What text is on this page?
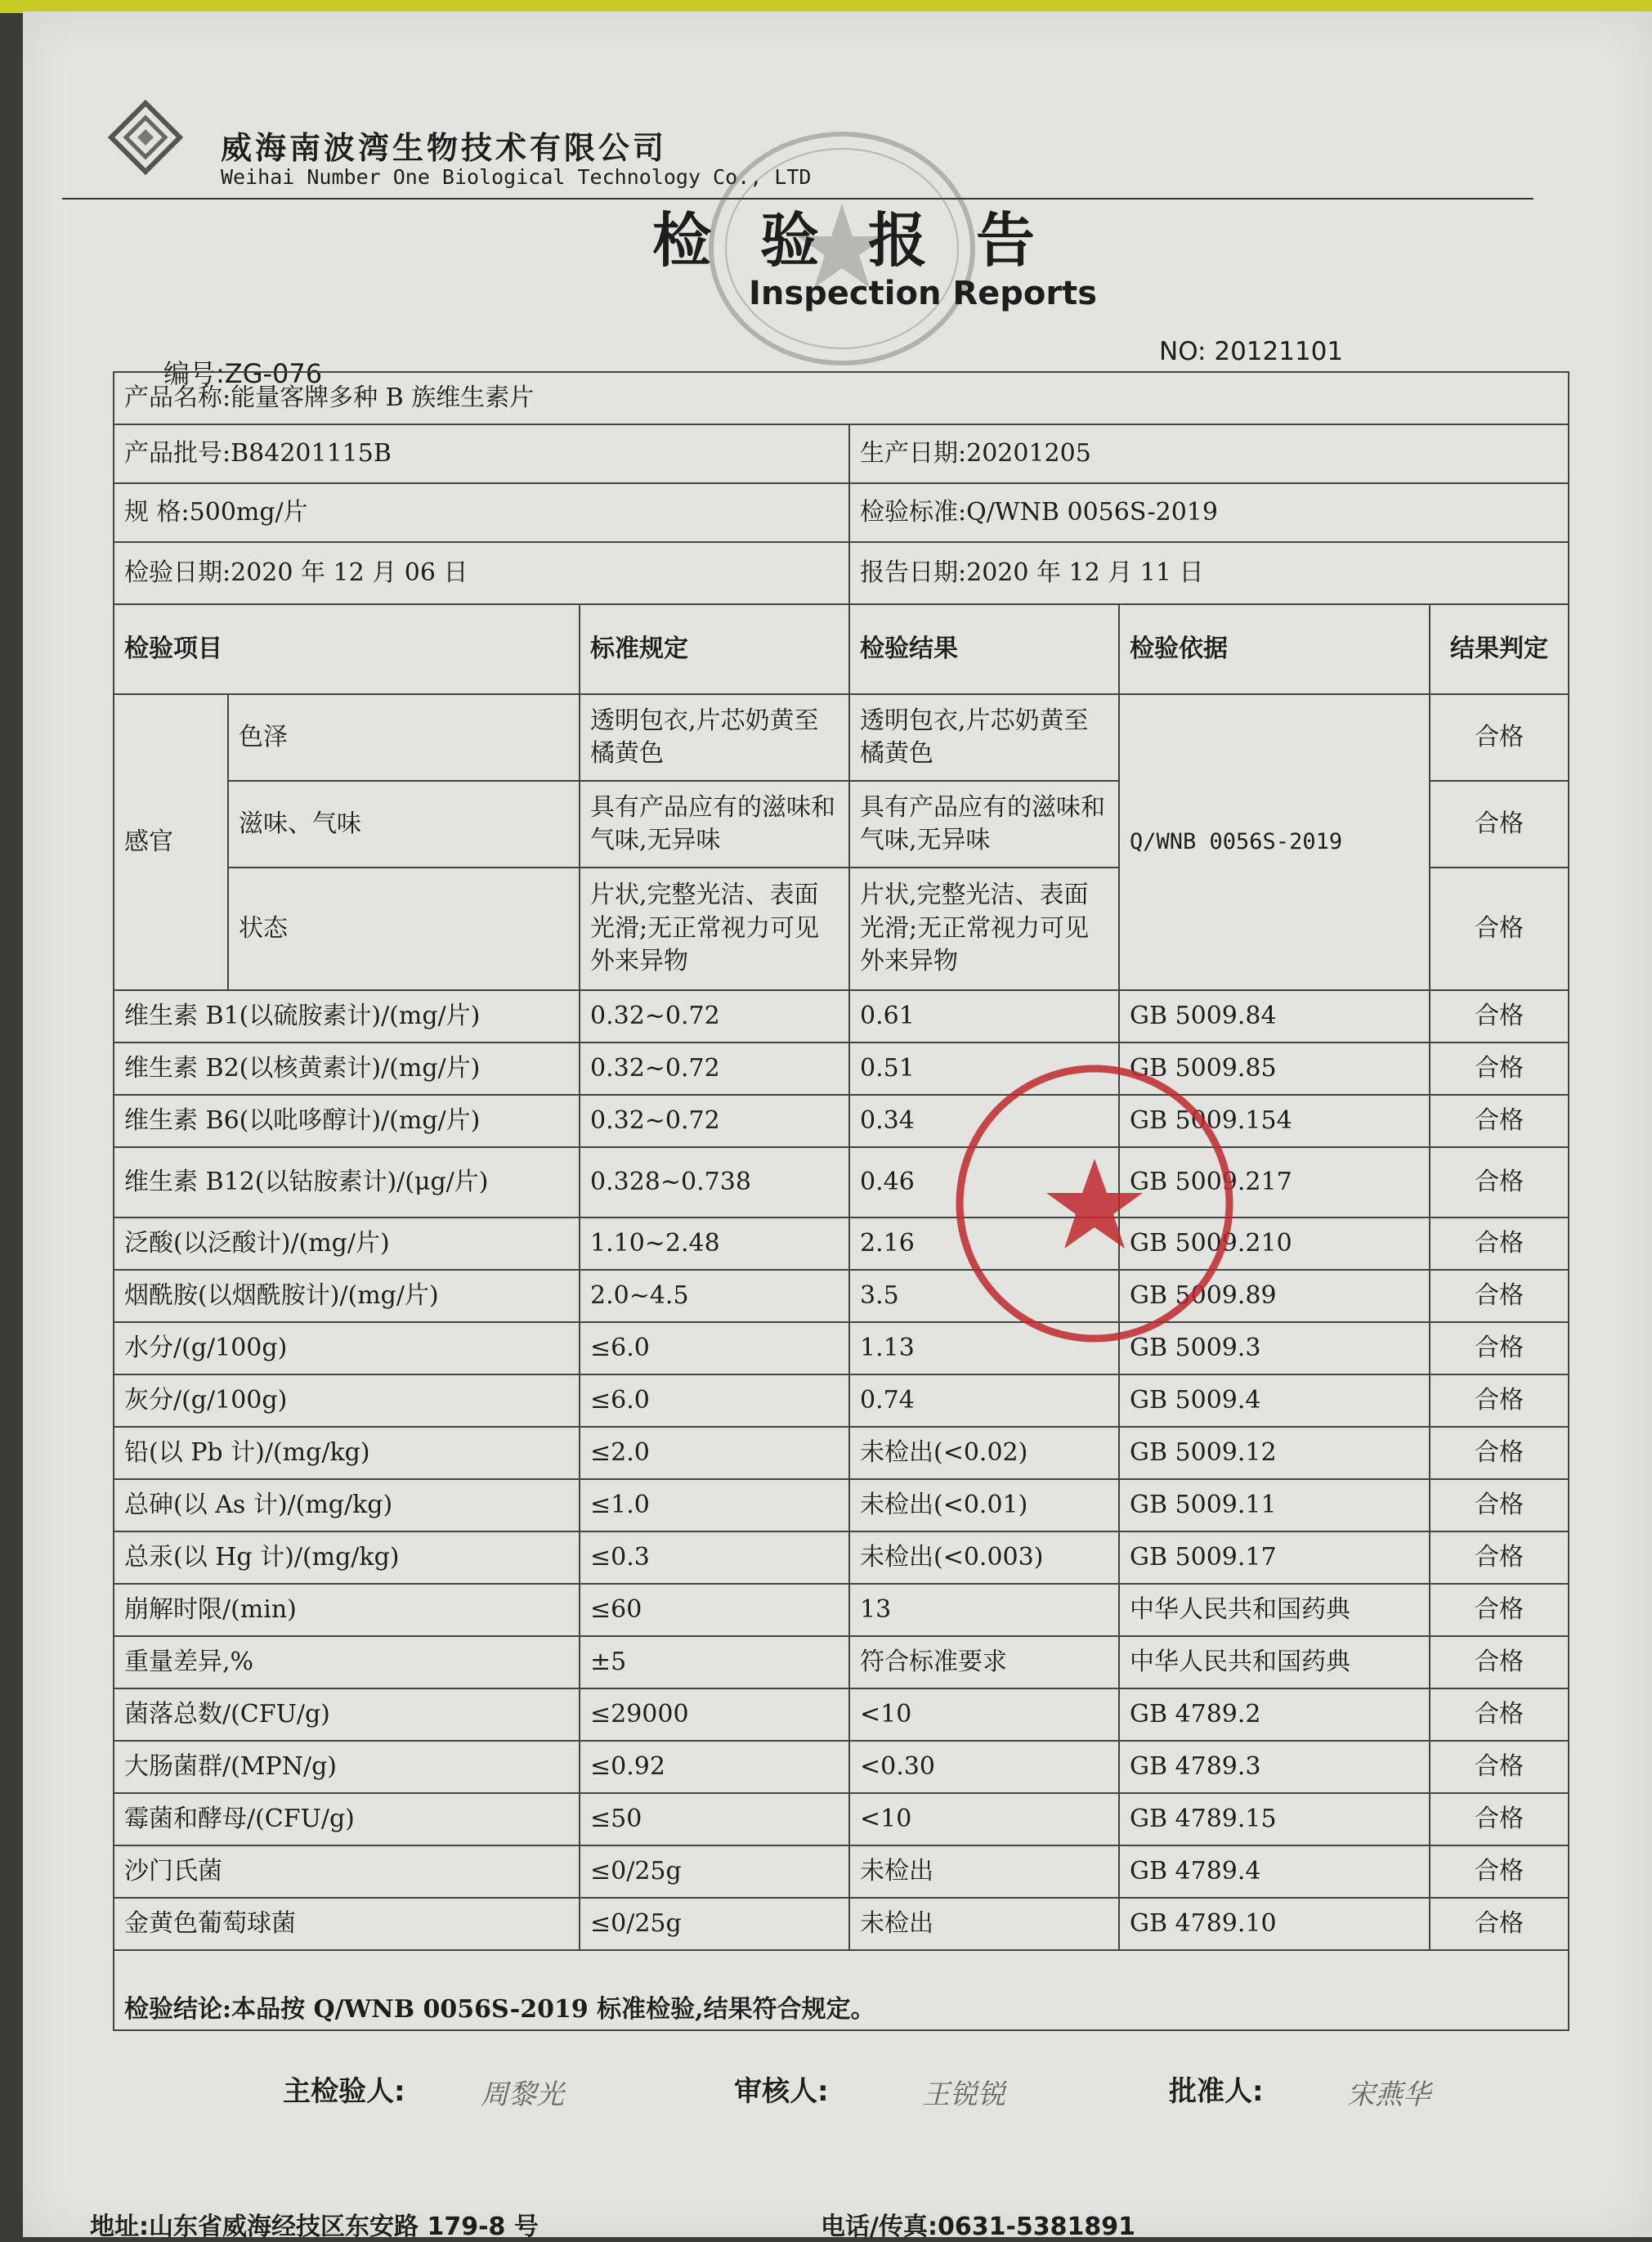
威海南波湾生物技术有限公司
Weihai Number One Biological Technology Co., LTD
检验报告
Inspection Reports
编号:ZG-076
NO: 20121101
产品名称:能量客牌多种 B 族维生素片					
产品批号:B84201115B			生产日期:20201205		
规 格:500mg/片			检验标准:Q/WNB 0056S-2019		
检验日期:2020 年 12 月 06 日			报告日期:2020 年 12 月 11 日		
检验项目		标准规定	检验结果	检验依据	结果判定
感官	色泽	透明包衣,片芯奶黄至橘黄色	透明包衣,片芯奶黄至橘黄色	Q/WNB 0056S-2019	合格
	滋味、气味	具有产品应有的滋味和气味,无异味	具有产品应有的滋味和气味,无异味		合格
	状态	片状,完整光洁、表面光滑;无正常视力可见外来异物	片状,完整光洁、表面光滑;无正常视力可见外来异物		合格
维生素 B1(以硫胺素计)/(mg/片)		0.32~0.72	0.61	GB 5009.84	合格
维生素 B2(以核黄素计)/(mg/片)		0.32~0.72	0.51	GB 5009.85	合格
维生素 B6(以吡哆醇计)/(mg/片)		0.32~0.72	0.34	GB 5009.154	合格
维生素 B12(以钴胺素计)/(μg/片)		0.328~0.738	0.46	GB 5009.217	合格
泛酸(以泛酸计)/(mg/片)		1.10~2.48	2.16	GB 5009.210	合格
烟酰胺(以烟酰胺计)/(mg/片)		2.0~4.5	3.5	GB 5009.89	合格
水分/(g/100g)		≤6.0	1.13	GB 5009.3	合格
灰分/(g/100g)		≤6.0	0.74	GB 5009.4	合格
铅(以 Pb 计)/(mg/kg)		≤2.0	未检出(<0.02)	GB 5009.12	合格
总砷(以 As 计)/(mg/kg)		≤1.0	未检出(<0.01)	GB 5009.11	合格
总汞(以 Hg 计)/(mg/kg)		≤0.3	未检出(<0.003)	GB 5009.17	合格
崩解时限/(min)		≤60	13	中华人民共和国药典	合格
重量差异,%		±5	符合标准要求	中华人民共和国药典	合格
菌落总数/(CFU/g)		≤29000	<10	GB 4789.2	合格
大肠菌群/(MPN/g)		≤0.92	<0.30	GB 4789.3	合格
霉菌和酵母/(CFU/g)		≤50	<10	GB 4789.15	合格
沙门氏菌		≤0/25g	未检出	GB 4789.4	合格
金黄色葡萄球菌		≤0/25g	未检出	GB 4789.10	合格
检验结论:本品按 Q/WNB 0056S-2019 标准检验,结果符合规定。					
主检验人:	周黎光	审核人:	王锐锐	批准人:	宋燕华
地址:山东省威海经技区东安路 179-8 号	电话/传真:0631-5381891
